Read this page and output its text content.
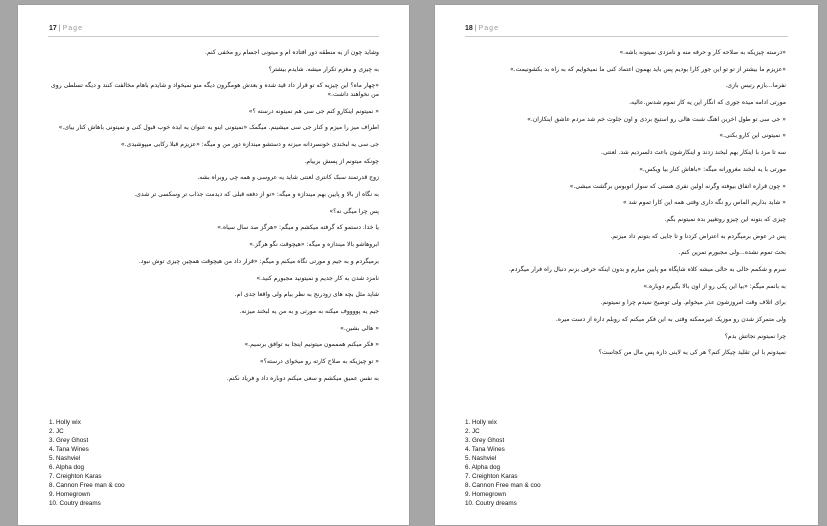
17 | Page

وشاید چون از یه منطقه دور افتاده ام و میتونی اجسام رو مخفی کنم.

به چیزی و مغزم تکرار میشه. شایدم بیشتر؟

«چهار ماه؟ این چیزیه که تو قرار داد قید شده و بعدش هومگرون دیگه منو نمیخواد و شایدم باهام مخالفت کنند و دیگه تسلطی روی من نخواهند داشت.»

« نمیتونم اینکارو کنم جی سی هم نمیتونه درسته ؟»

اطراف میز را میزم و کنار جی سی میشینم. میگمک «نمیتونی اینو به عنوان یه ایده خوب قبول کنی و نمیتونی باهاش کنار بیای.»

جی سی یه لبخندی خونسردانه میزنه و دستشو میندازه دور من و میگه: «عزیزم قبلا رکابی میپوشیدی.»

چونکه میتونم از پسش بربیام.

زوج قدرتمند سبک کانتری لعنتی شاید یه عروسی و همه چی روبراه بشه.

به نگاه از بالا و پایین بهم میندازه و میگه: «تو از دفعه قبلی که دیدمت جذاب تر وسکسی تر شدی.

پس چرا میگی نه؟»

یا خدا. دستمو که گرفته میکشم و میگم: «هرگز صد سال سیاه.»

ابروهاشو بالا میندازه و میگه: «هیچوقت نگو هرگز.»

برمیگردم و به جیم و مورتی نگاه میکنم و میگم: «قرار داد من هیچوقت همچین چیزی توش نبود.

نامزد شدن به کار جدیم و نمیتونید مجبورم کنید.»

شاید مثل بچه های زودرنج به نظر بیام ولی واقعا جدی ام.

جیم یه پووووف میکنه به مورتی و به من یه لبخند میزنه.

« هالی بشین.»

« فکر میکنم همممون میتونیم اینجا به توافق برسیم.»

« تو چیزیکه به صلاح کارته رو میخوای درسته؟»

به نفس عمیق میکشم و سعی میکنم دوباره داد و فریاد نکنم.

1. Holly wix
2. JC
3. Grey Ghost
4. Tana Wines
5. Nashviel
6. Alpha dog
7. Creighton Karas
8. Cannon Free man & coo
9. Homegrown
10. Coutry dreams
18 | Page

«درسته چیزیکه به صلاحه کار و حرفه منه و نامزدی نمیتونه باشه.»

«عزیزم ما بیشتر از تو تو این جور کارا بودیم پس باید بهمون اعتماد کنی ما نمیخوایم که به راه بد بکشونیمت.»

نفرما...بازم رنیس بازی.

مورتی ادامه میده جوری که انگار این یه کار تموم شدس.عالیه.

« جی سی تو طول اخرین اهنگ شبت هالی رو استیج بردی و اون جلوت خم شد مردم عاشق اینکاران.»

« نمیتونی این کارو بکنی.»

سه تا مرد با اینکار بهم لبخند زدند و اینکارشون باعث دلسردیم شد. لعنتی.

مورتی با یه لبخند مغرورانه میگه: «باهاش کنار بیا ویکس.»

« چون قراره اتفاق بیوفته وگرنه اولین نفری هستی که سوار اتوبوس برگشت میشی.»

« شاید بذاریم الماس رو نگه داری وقتی همه این کارا تموم شد »

چیزی که بتونه این چیزو روتغییر بده نمیتونم بگم.

پس در عوض برمیگردم به اعتراض کردنا و تا جایی که بتونم داد میزنم.

بحث تموم نشده...ولی مجبورم تمرین کنم.

سرم و شکمم حالی به حالی میشه کلاه شاپگاه مو پایین میارم و بدون اینکه حرفی بزنم دنبال راه فرار میگردم.

به بانمم میگم: «بیا این پکی رو از اون بالا بگیرم دوباره.»

برای اتلاف وقت امروزشون عذر میخوام. ولی توضیح نمیدم چرا و نمیتونم.

ولی متمرکز شدن رو موزیک غیرممکنه وقتی به این فکر میکنم که روبلم داره از دست میره.

چرا نمیتونم نجاتش بدم؟

نمیدونم با این تقلید چیکار کنم؟ هر کی یه لاینی داره پس مال من کجاست؟

1. Holly wix
2. JC
3. Grey Ghost
4. Tana Wines
5. Nashviel
6. Alpha dog
7. Creighton Karas
8. Cannon Free man & coo
9. Homegrown
10. Coutry dreams
